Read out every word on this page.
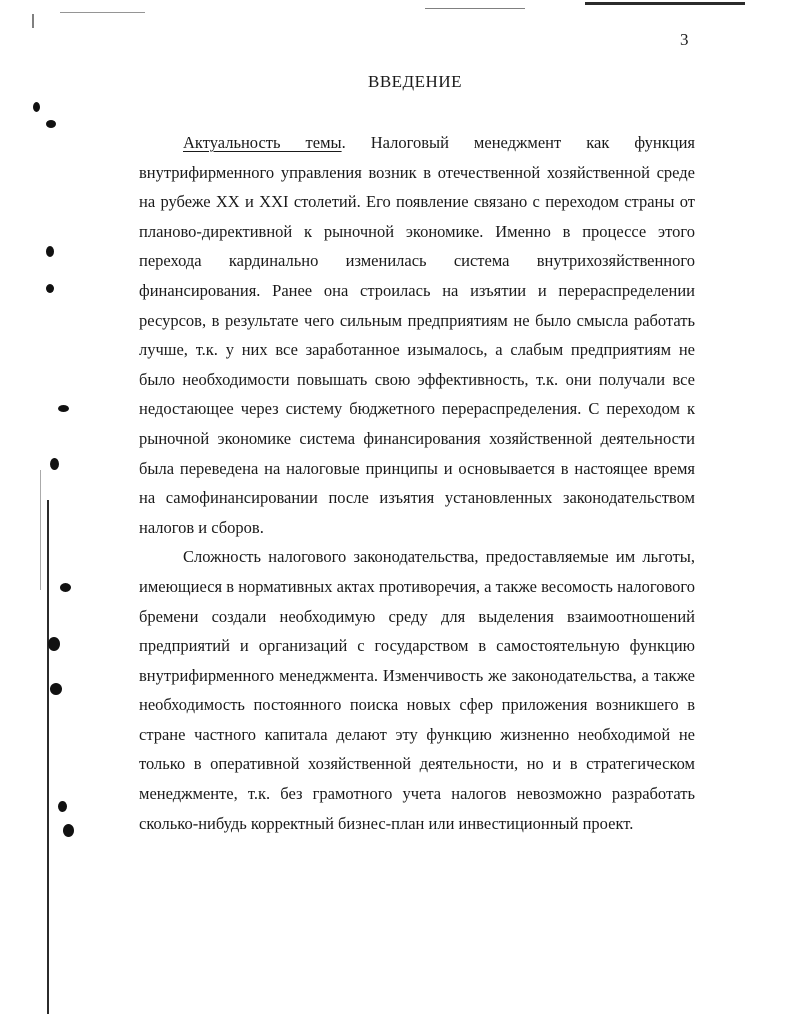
3
ВВЕДЕНИЕ

Актуальность темы. Налоговый менеджмент как функция внутрифирменного управления возник в отечественной хозяйственной среде на рубеже XX и XXI столетий. Его появление связано с переходом страны от планово-директивной к рыночной экономике. Именно в процессе этого перехода кардинально изменилась система внутрихозяйственного финансирования. Ранее она строилась на изъятии и перераспределении ресурсов, в результате чего сильным предприятиям не было смысла работать лучше, т.к. у них все заработанное изымалось, а слабым предприятиям не было необходимости повышать свою эффективность, т.к. они получали все недостающее через систему бюджетного перераспределения. С переходом к рыночной экономике система финансирования хозяйственной деятельности была переведена на налоговые принципы и основывается в настоящее время на самофинансировании после изъятия установленных законодательством налогов и сборов.

Сложность налогового законодательства, предоставляемые им льготы, имеющиеся в нормативных актах противоречия, а также весомость налогового бремени создали необходимую среду для выделения взаимоотношений предприятий и организаций с государством в самостоятельную функцию внутрифирменного менеджмента. Изменчивость же законодательства, а также необходимость постоянного поиска новых сфер приложения возникшего в стране частного капитала делают эту функцию жизненно необходимой не только в оперативной хозяйственной деятельности, но и в стратегическом менеджменте, т.к. без грамотного учета налогов невозможно разработать сколько-нибудь корректный бизнес-план или инвестиционный проект.
